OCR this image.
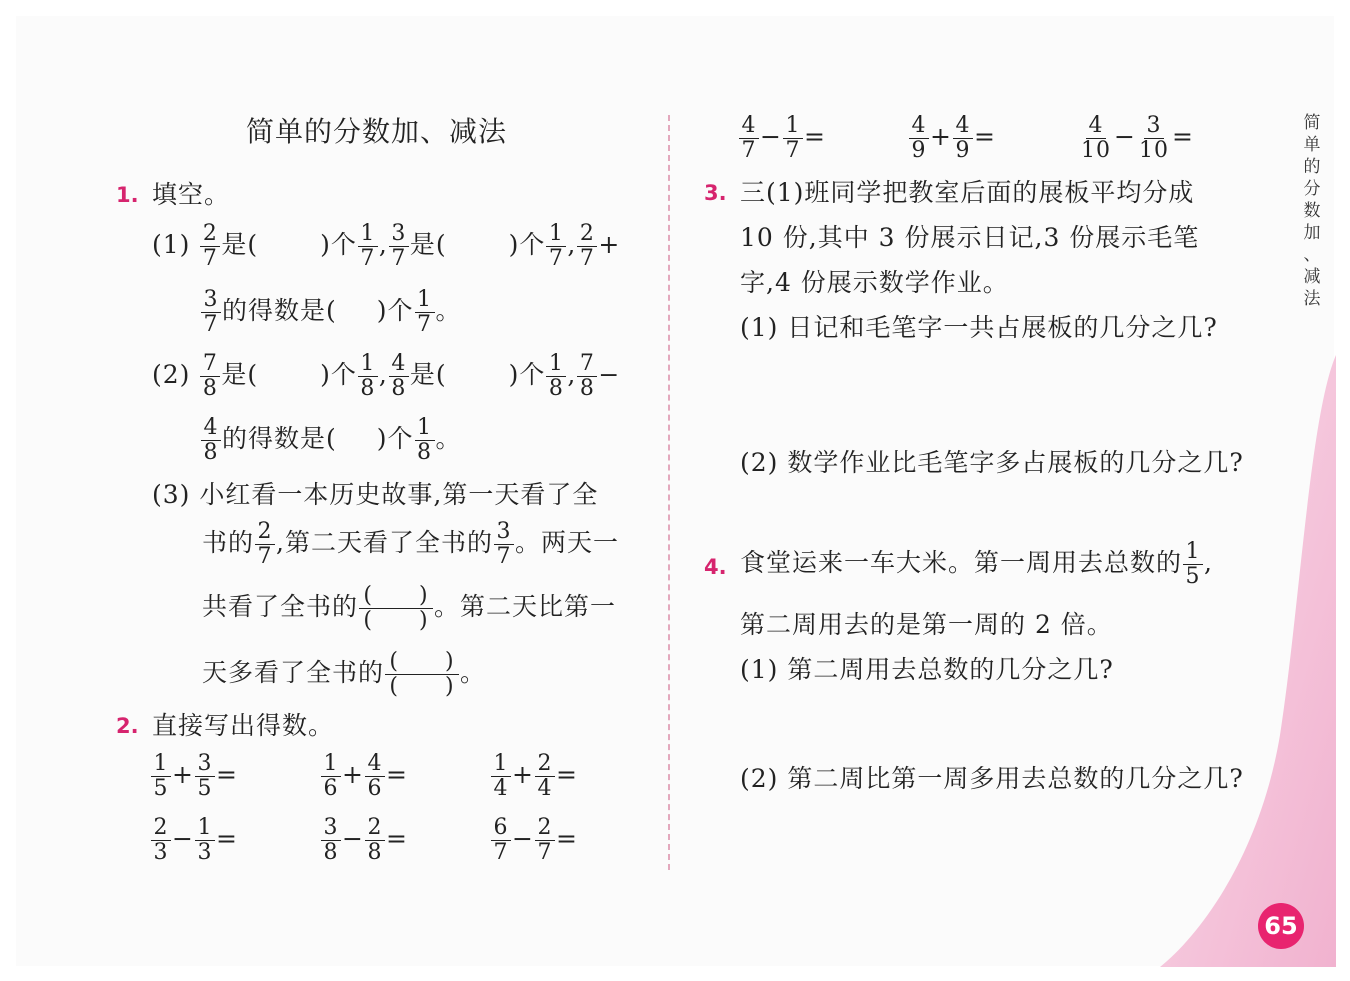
简单的分数加、减法
1. 填空。
$(1) \frac{2}{7}$ 是( )个 $\frac{1}{7}$ , $\frac{3}{7}$ 是( )个 $\frac{1}{7}$ , $\frac{2}{7}$ +
$\frac{3}{7}$ 的得数是( )个 $\frac{1}{7}$ 。
$(2) \frac{7}{8}$ 是( )个 $\frac{1}{8}$ , $\frac{4}{8}$ 是( )个 $\frac{1}{8}$ , $\frac{7}{8}$ −
$\frac{4}{8}$ 的得数是( )个 $\frac{1}{8}$ 。
(3) 小红看一本历史故事,第一天看了全
书的 $\frac{2}{7}$ ,第二天看了全书的 $\frac{3}{7}$ 。两天一
共看了全书的 $\frac{( )}{( )}$ 。第二天比第一
天多看了全书的 $\frac{( )}{( )}$ 。
2. 直接写出得数。
$\frac{1}{5} + \frac{3}{5}$ =	$\frac{1}{6} + \frac{4}{6}$ =	$\frac{1}{4} + \frac{2}{4}$ =
$\frac{2}{3} - \frac{1}{3}$ =	$\frac{3}{8} - \frac{2}{8}$ =	$\frac{6}{7} - \frac{2}{7}$ =
$\frac{4}{7} - \frac{1}{7}$ =	$\frac{4}{9} + \frac{4}{9}$ =	$\frac{4}{10} - \frac{3}{10}$ =
3. 三(1)班同学把教室后面的展板平均分成
10 份,其中 3 份展示日记,3 份展示毛笔
字,4 份展示数学作业。
(1) 日记和毛笔字一共占展板的几分之几?
(2) 数学作业比毛笔字多占展板的几分之几?
4. 食堂运来一车大米。第一周用去总数的 $\frac{1}{5}$ ,
第二周用去的是第一周的 2 倍。
(1) 第二周用去总数的几分之几?
(2) 第二周比第一周多用去总数的几分之几?
简
单
的
分
数
加
、
减
法
65
